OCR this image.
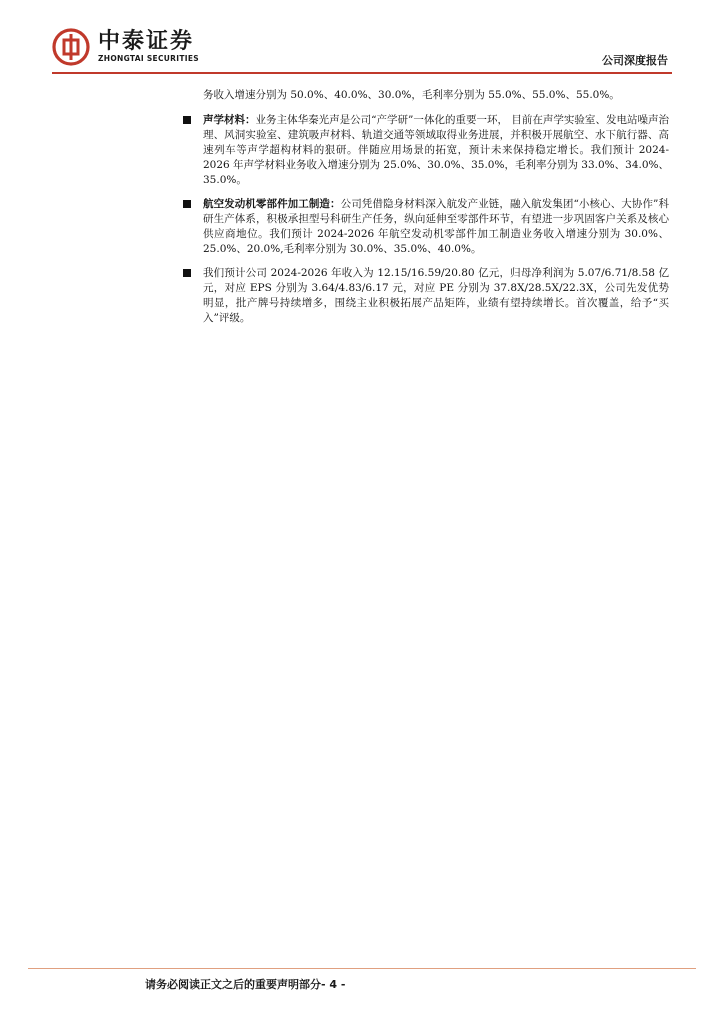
中泰证券
ZHONGTAI SECURITIES	公司深度报告

务收入增速分别为 50.0%、40.0%、30.0%，毛利率分别为 55.0%、55.0%、55.0%。

声学材料：业务主体华秦光声是公司“产学研”一体化的重要一环， 目前在声学实验室、发电站噪声治理、风洞实验室、建筑吸声材料、轨道交通等领域取得业务进展，并积极开展航空、水下航行器、高速列车等声学超构材料的狠研。伴随应用场景的拓宽，预计未来保持稳定增长。我们预计 2024-2026 年声学材料业务收入增速分别为 25.0%、30.0%、35.0%，毛利率分别为 33.0%、34.0%、35.0%。

航空发动机零部件加工制造：公司凭借隐身材料深入航发产业链，融入航发集团“小核心、大协作”科研生产体系，积极承担型号科研生产任务，纵向延伸至零部件环节，有望进一步巩固客户关系及核心供应商地位。我们预计 2024-2026 年航空发动机零部件加工制造业务收入增速分别为 30.0%、25.0%、20.0%,毛利率分别为 30.0%、35.0%、40.0%。

我们预计公司 2024-2026 年收入为 12.15/16.59/20.80 亿元，归母净利润为 5.07/6.71/8.58 亿元，对应 EPS 分别为 3.64/4.83/6.17 元，对应 PE 分别为 37.8X/28.5X/22.3X，公司先发优势明显，批产牌号持续增多，围绕主业积极拓展产品矩阵，业绩有望持续增长。首次覆盖，给予“买入”评级。

请务必阅读正文之后的重要声明部分- 4 -
